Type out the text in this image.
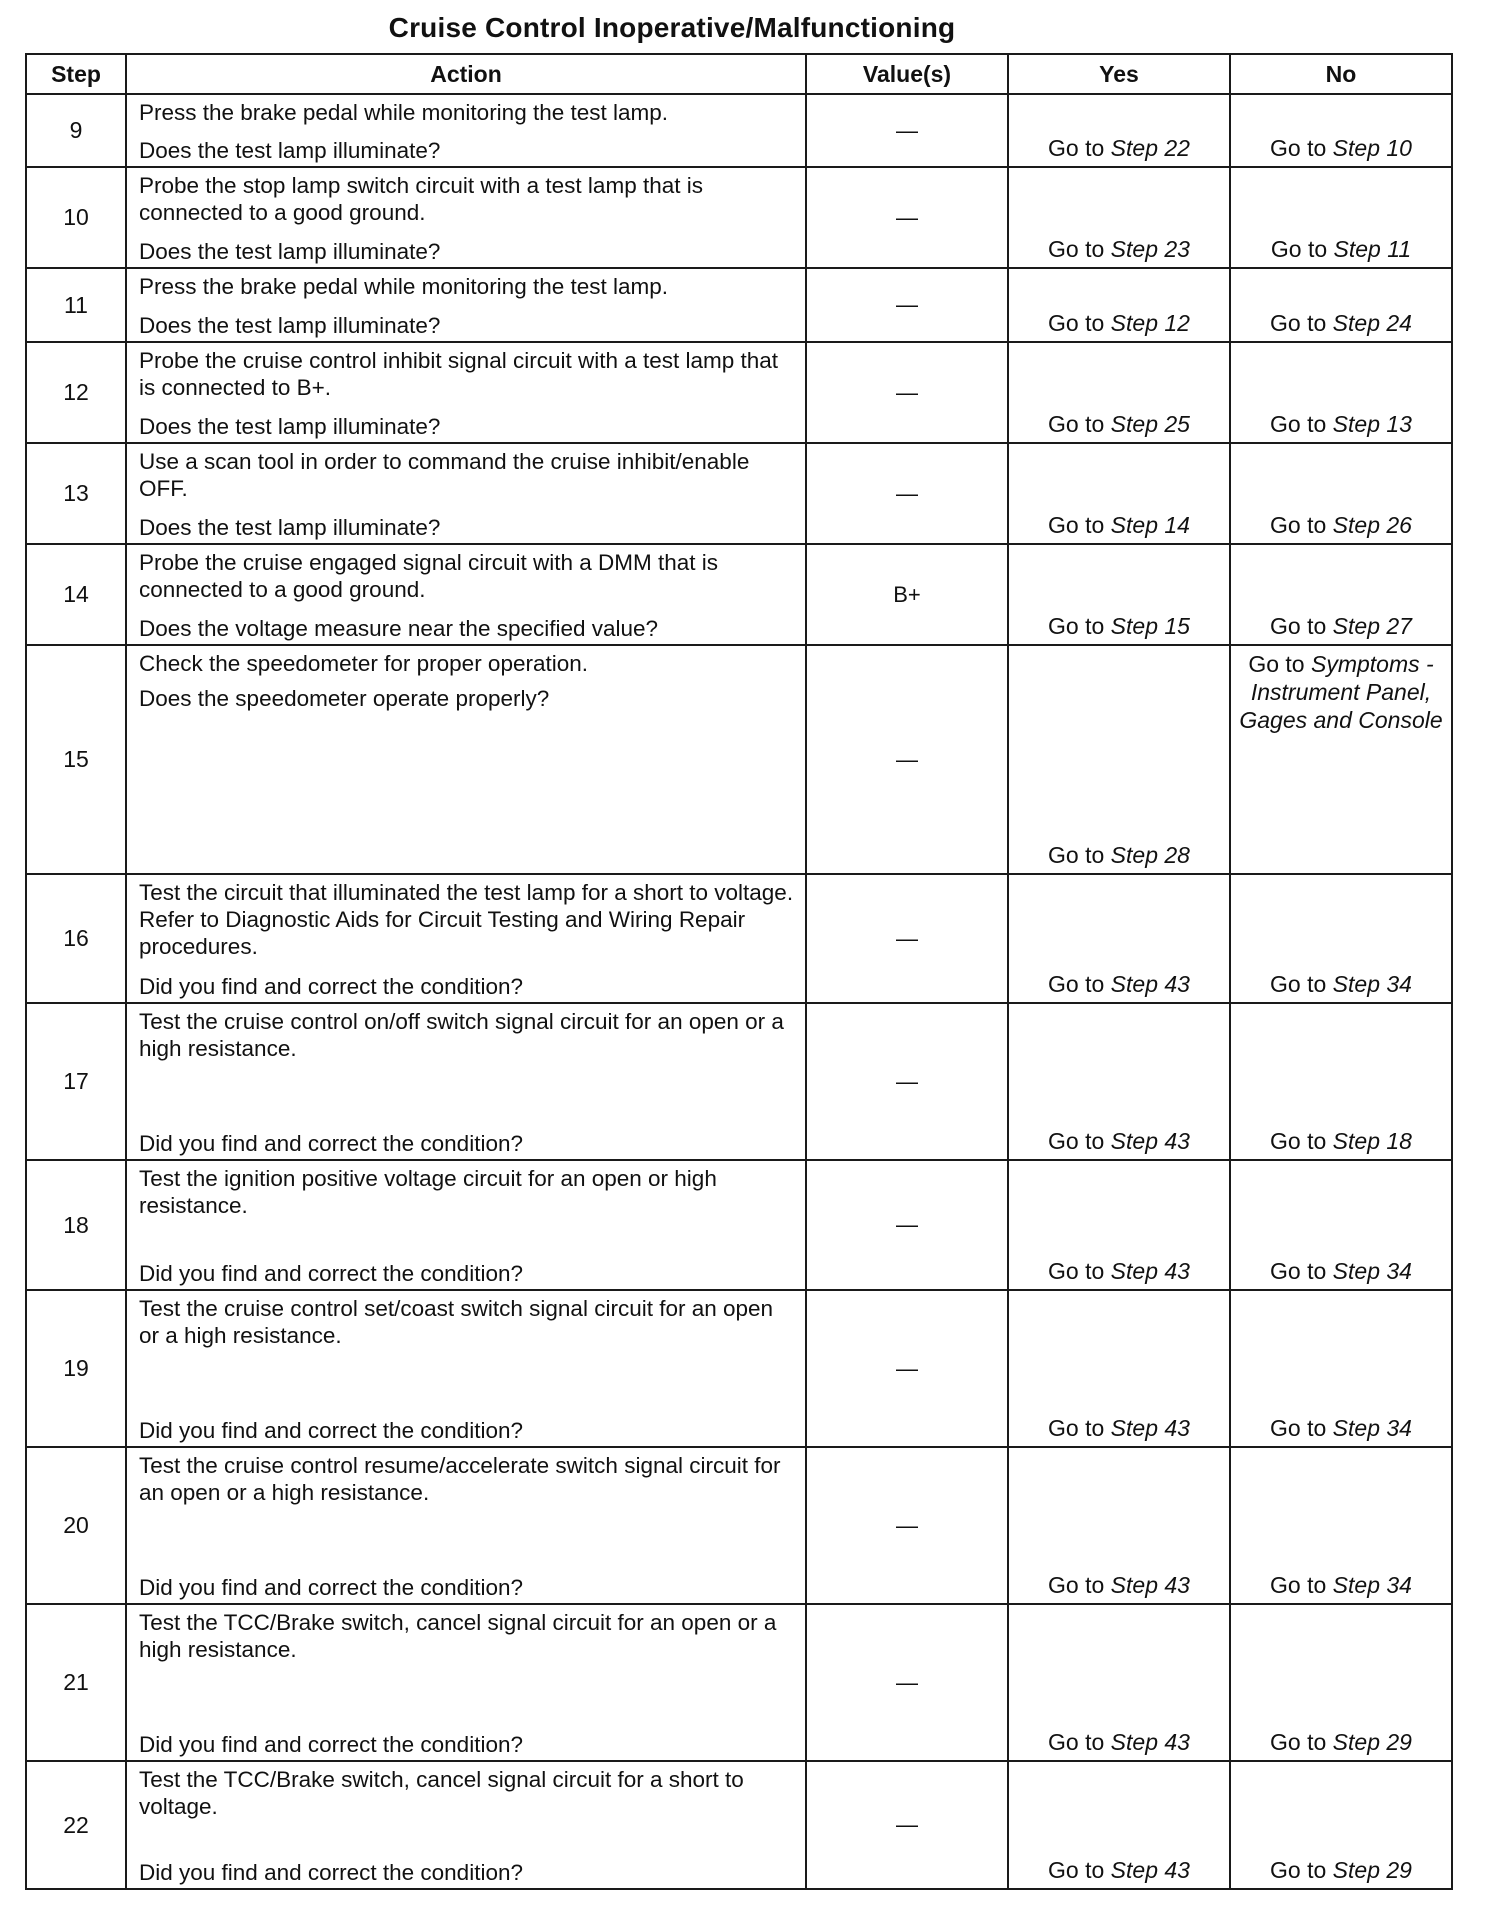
Cruise Control Inoperative/Malfunctioning
Step	Action	Value(s)	Yes	No
9	Press the brake pedal while monitoring the test lamp.

Does the test lamp illuminate?	—	Go to Step 22	Go to Step 10
10	Probe the stop lamp switch circuit with a test lamp that is connected to a good ground.

Does the test lamp illuminate?	—	Go to Step 23	Go to Step 11
11	Press the brake pedal while monitoring the test lamp.

Does the test lamp illuminate?	—	Go to Step 12	Go to Step 24
12	Probe the cruise control inhibit signal circuit with a test lamp that is connected to B+.

Does the test lamp illuminate?	—	Go to Step 25	Go to Step 13
13	Use a scan tool in order to command the cruise inhibit/enable OFF.

Does the test lamp illuminate?	—	Go to Step 14	Go to Step 26
14	Probe the cruise engaged signal circuit with a DMM that is connected to a good ground.

Does the voltage measure near the specified value?	B+	Go to Step 15	Go to Step 27
15	Check the speedometer for proper operation.

Does the speedometer operate properly?	—	Go to Step 28	Go to Symptoms - Instrument Panel, Gages and Console
16	Test the circuit that illuminated the test lamp for a short to voltage. Refer to Diagnostic Aids for Circuit Testing and Wiring Repair procedures.

Did you find and correct the condition?	—	Go to Step 43	Go to Step 34
17	Test the cruise control on/off switch signal circuit for an open or a high resistance.

Did you find and correct the condition?	—	Go to Step 43	Go to Step 18
18	Test the ignition positive voltage circuit for an open or high resistance.

Did you find and correct the condition?	—	Go to Step 43	Go to Step 34
19	Test the cruise control set/coast switch signal circuit for an open or a high resistance.

Did you find and correct the condition?	—	Go to Step 43	Go to Step 34
20	Test the cruise control resume/accelerate switch signal circuit for an open or a high resistance.

Did you find and correct the condition?	—	Go to Step 43	Go to Step 34
21	Test the TCC/Brake switch, cancel signal circuit for an open or a high resistance.

Did you find and correct the condition?	—	Go to Step 43	Go to Step 29
22	Test the TCC/Brake switch, cancel signal circuit for a short to voltage.

Did you find and correct the condition?	—	Go to Step 43	Go to Step 29
